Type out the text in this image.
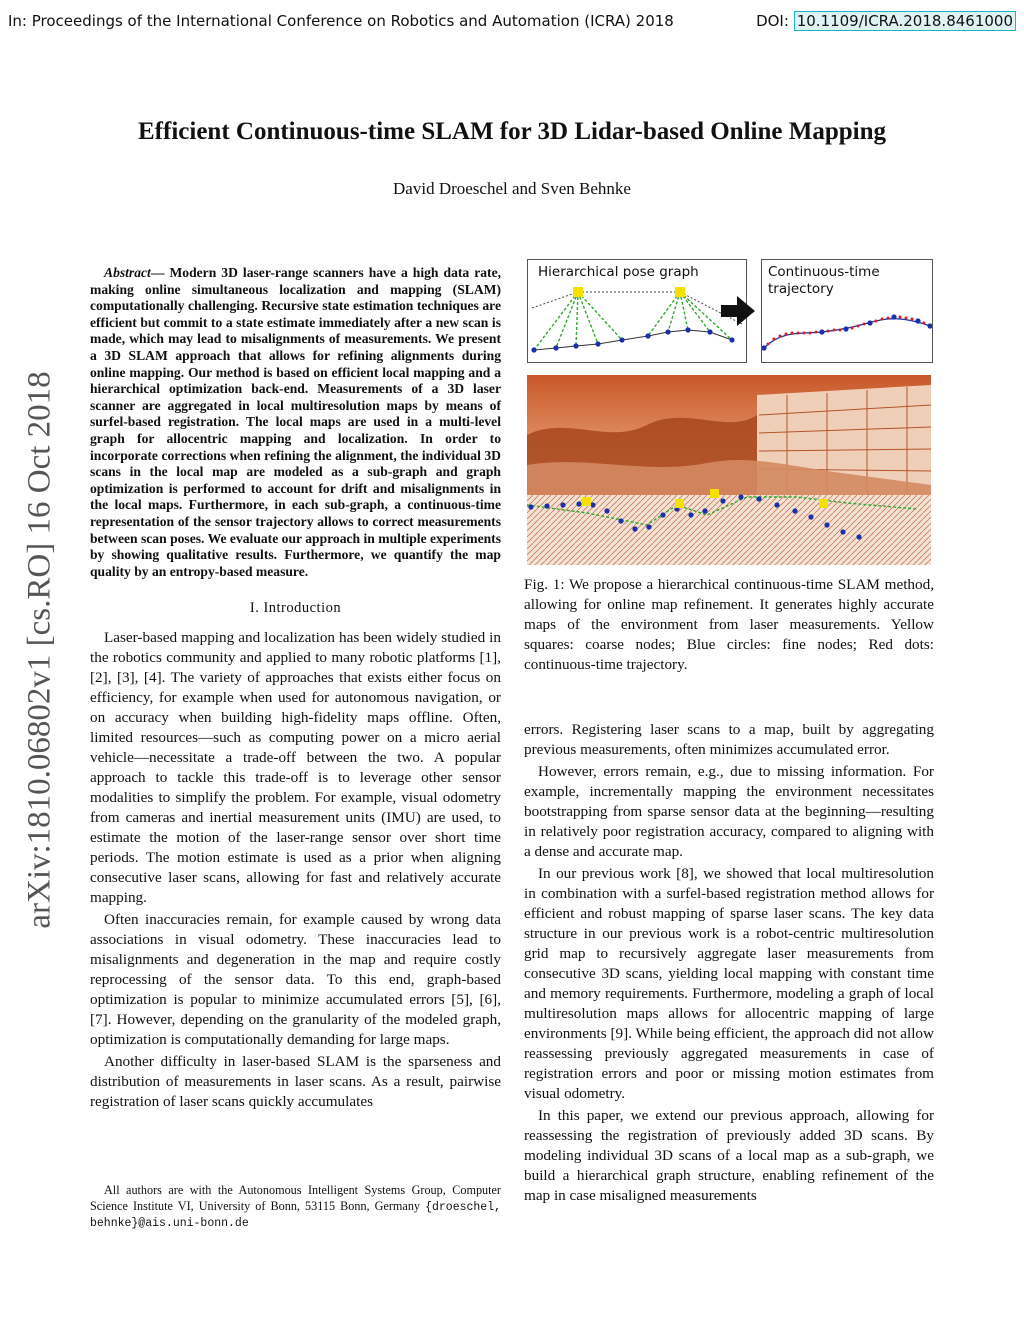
In: Proceedings of the International Conference on Robotics and Automation (ICRA) 2018	DOI: 10.1109/ICRA.2018.8461000
arXiv:1810.06802v1 [cs.RO] 16 Oct 2018
Efficient Continuous-time SLAM for 3D Lidar-based Online Mapping
David Droeschel and Sven Behnke

Abstract— Modern 3D laser-range scanners have a high data rate, making online simultaneous localization and mapping (SLAM) computationally challenging. Recursive state estimation techniques are efficient but commit to a state estimate immediately after a new scan is made, which may lead to misalignments of measurements. We present a 3D SLAM approach that allows for refining alignments during online mapping. Our method is based on efficient local mapping and a hierarchical optimization back-end. Measurements of a 3D laser scanner are aggregated in local multiresolution maps by means of surfel-based registration. The local maps are used in a multi-level graph for allocentric mapping and localization. In order to incorporate corrections when refining the alignment, the individual 3D scans in the local map are modeled as a sub-graph and graph optimization is performed to account for drift and misalignments in the local maps. Furthermore, in each sub-graph, a continuous-time representation of the sensor trajectory allows to correct measurements between scan poses. We evaluate our approach in multiple experiments by showing qualitative results. Furthermore, we quantify the map quality by an entropy-based measure.

I. Introduction

Laser-based mapping and localization has been widely studied in the robotics community and applied to many robotic platforms [1], [2], [3], [4]. The variety of approaches that exists either focus on efficiency, for example when used for autonomous navigation, or on accuracy when building high-fidelity maps offline. Often, limited resources—such as computing power on a micro aerial vehicle—necessitate a trade-off between the two. A popular approach to tackle this trade-off is to leverage other sensor modalities to simplify the problem. For example, visual odometry from cameras and inertial measurement units (IMU) are used, to estimate the motion of the laser-range sensor over short time periods. The motion estimate is used as a prior when aligning consecutive laser scans, allowing for fast and relatively accurate mapping.

Often inaccuracies remain, for example caused by wrong data associations in visual odometry. These inaccuracies lead to misalignments and degeneration in the map and require costly reprocessing of the sensor data. To this end, graph-based optimization is popular to minimize accumulated errors [5], [6], [7]. However, depending on the granularity of the modeled graph, optimization is computationally demanding for large maps.

Another difficulty in laser-based SLAM is the sparseness and distribution of measurements in laser scans. As a result, pairwise registration of laser scans quickly accumulates

All authors are with the Autonomous Intelligent Systems Group, Computer Science Institute VI, University of Bonn, 53115 Bonn, Germany {droeschel, behnke}@ais.uni-bonn.de
Hierarchical pose graph	Continuous-time trajectory
Fig. 1: We propose a hierarchical continuous-time SLAM method, allowing for online map refinement. It generates highly accurate maps of the environment from laser measurements. Yellow squares: coarse nodes; Blue circles: fine nodes; Red dots: continuous-time trajectory.

errors. Registering laser scans to a map, built by aggregating previous measurements, often minimizes accumulated error.

However, errors remain, e.g., due to missing information. For example, incrementally mapping the environment necessitates bootstrapping from sparse sensor data at the beginning—resulting in relatively poor registration accuracy, compared to aligning with a dense and accurate map.

In our previous work [8], we showed that local multiresolution in combination with a surfel-based registration method allows for efficient and robust mapping of sparse laser scans. The key data structure in our previous work is a robot-centric multiresolution grid map to recursively aggregate laser measurements from consecutive 3D scans, yielding local mapping with constant time and memory requirements. Furthermore, modeling a graph of local multiresolution maps allows for allocentric mapping of large environments [9]. While being efficient, the approach did not allow reassessing previously aggregated measurements in case of registration errors and poor or missing motion estimates from visual odometry.

In this paper, we extend our previous approach, allowing for reassessing the registration of previously added 3D scans. By modeling individual 3D scans of a local map as a sub-graph, we build a hierarchical graph structure, enabling refinement of the map in case misaligned measurements
